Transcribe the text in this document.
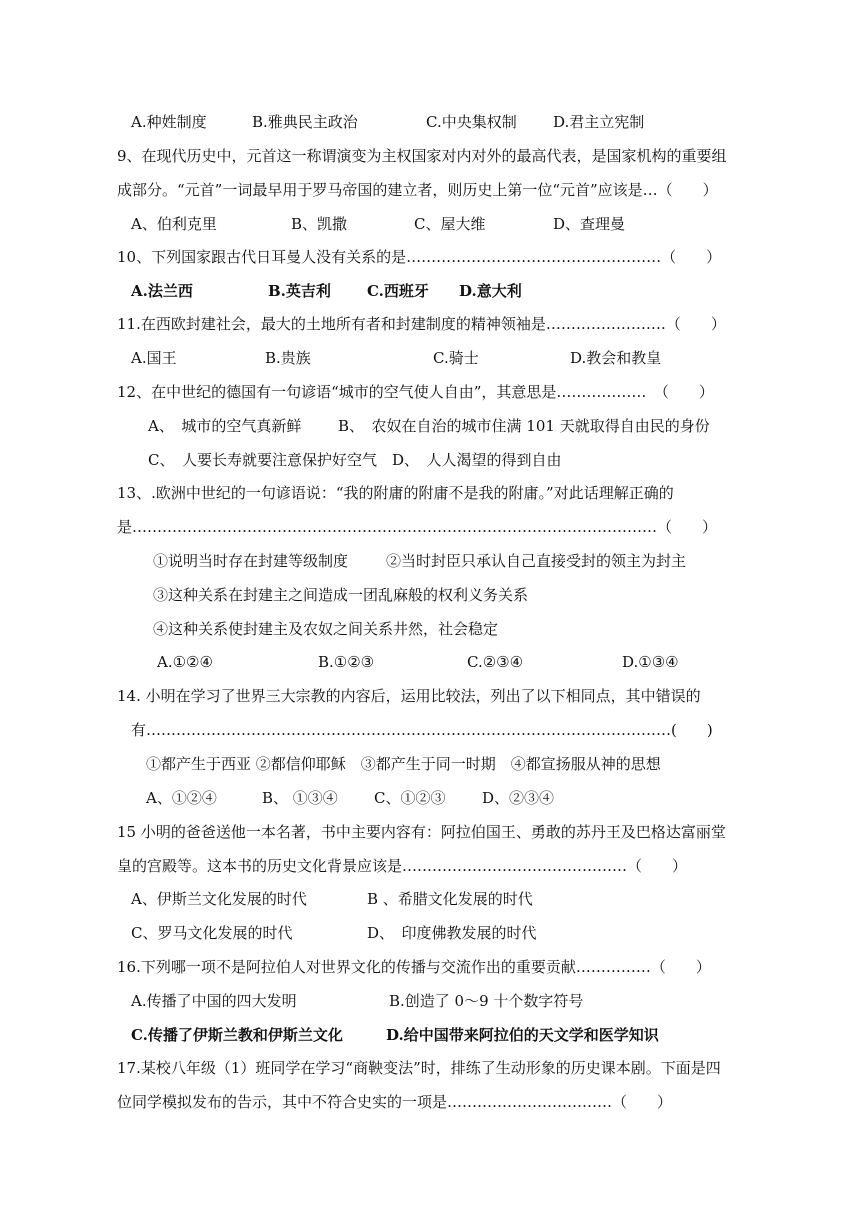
A.种姓制度	B.雅典民主政治	C.中央集权制 D.君主立宪制
9、在现代历史中，元首这一称谓演变为主权国家对内对外的最高代表，是国家机构的重要组
成部分。“元首”一词最早用于罗马帝国的建立者，则历史上第一位“元首”应该是…（　　）
A、伯利克里	B、凯撒	C、屋大维	D、查理曼
10、下列国家跟古代日耳曼人没有关系的是……………………………………………（　　）
A.法兰西	B.英吉利 C.西班牙 D.意大利
11.在西欧封建社会，最大的土地所有者和封建制度的精神领袖是……………………（　　）
A.国王	B.贵族	C.骑士	D.教会和教皇
12、在中世纪的德国有一句谚语“城市的空气使人自由”，其意思是………………　（　　）
A、　城市的空气真新鲜 B、　农奴在自治的城市住满 101 天就取得自由民的身份
C、　人要长寿就要注意保护好空气 D、　人人渴望的得到自由
13、.欧洲中世纪的一句谚语说：“我的附庸的附庸不是我的附庸。”对此话理解正确的
是……………………………………………………………………………………………（　　）
①说明当时存在封建等级制度	②当时封臣只承认自己直接受封的领主为封主
③这种关系在封建主之间造成一团乱麻般的权利义务关系
④这种关系使封建主及农奴之间关系井然，社会稳定
A.①②④	B.①②③	C.②③④	D.①③④
14. 小明在学习了世界三大宗教的内容后，运用比较法，列出了以下相同点，其中错误的
有……………………………………………………………………………………………(　　)
①都产生于西亚 ②都信仰耶稣　③都产生于同一时期　④都宣扬服从神的思想
A、①②④	B、 ①③④ C、①②③ D、②③④
15 小明的爸爸送他一本名著，书中主要内容有：阿拉伯国王、勇敢的苏丹王及巴格达富丽堂
皇的宫殿等。这本书的历史文化背景应该是………………………………………（　　）
A、伊斯兰文化发展的时代	B 、希腊文化发展的时代
C、罗马文化发展的时代	D、　印度佛教发展的时代
16.下列哪一项不是阿拉伯人对世界文化的传播与交流作出的重要贡献……………（　　）
A.传播了中国的四大发明	B.创造了 0～9 十个数字符号
C.传播了伊斯兰教和伊斯兰文化	D.给中国带来阿拉伯的天文学和医学知识
17.某校八年级（1）班同学在学习“商鞅变法”时，排练了生动形象的历史课本剧。下面是四
位同学模拟发布的告示，其中不符合史实的一项是……………………………（　　）
